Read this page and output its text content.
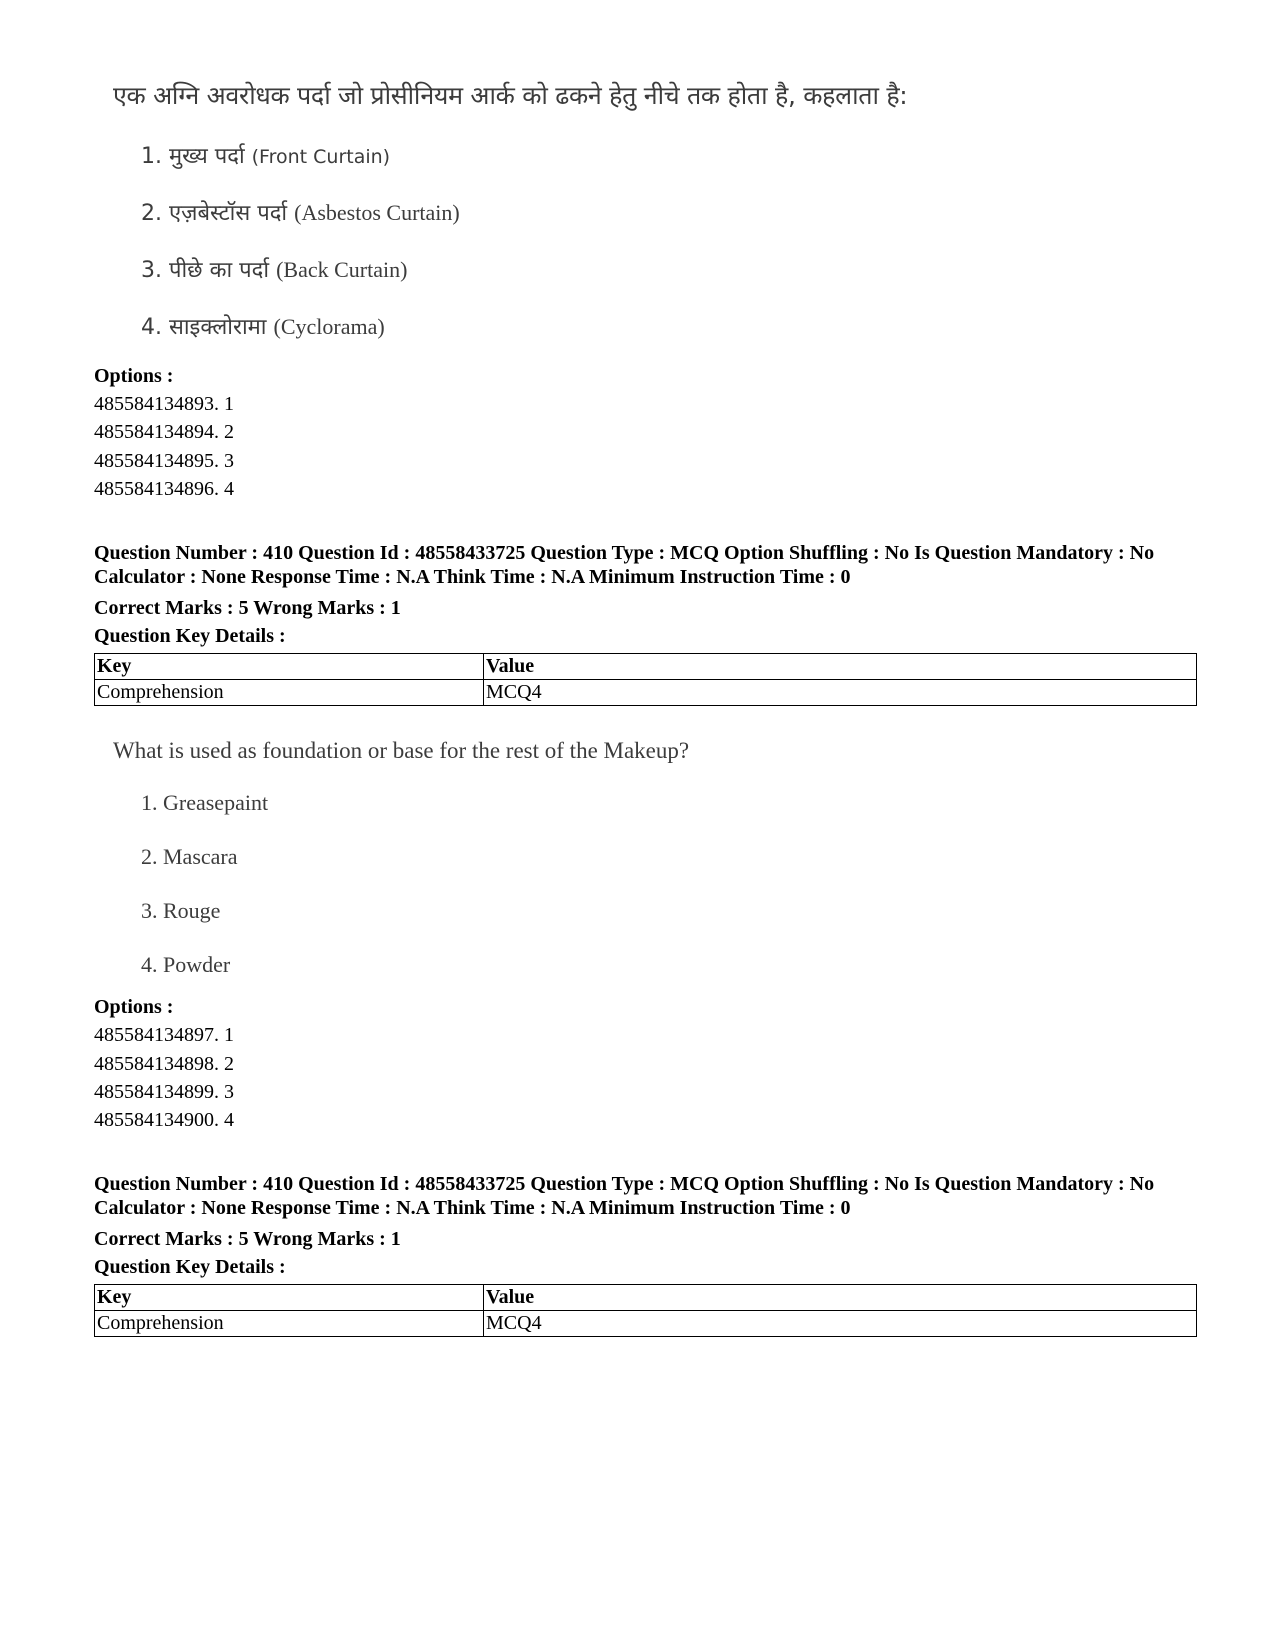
एक अग्नि अवरोधक पर्दा जो प्रोसीनियम आर्क को ढकने हेतु नीचे तक होता है, कहलाता है:
1. मुख्य पर्दा (Front Curtain)
2. एज़बेस्टॉस पर्दा (Asbestos Curtain)
3. पीछे का पर्दा (Back Curtain)
4. साइक्लोरामा (Cyclorama)
Options :
485584134893. 1
485584134894. 2
485584134895. 3
485584134896. 4
Question Number : 410 Question Id : 48558433725 Question Type : MCQ Option Shuffling : No Is Question Mandatory : No Calculator : None Response Time : N.A Think Time : N.A Minimum Instruction Time : 0
Correct Marks : 5 Wrong Marks : 1
Question Key Details :
Key	Value
Comprehension	MCQ4
What is used as foundation or base for the rest of the Makeup?
1. Greasepaint
2. Mascara
3. Rouge
4. Powder
Options :
485584134897. 1
485584134898. 2
485584134899. 3
485584134900. 4
Question Number : 410 Question Id : 48558433725 Question Type : MCQ Option Shuffling : No Is Question Mandatory : No Calculator : None Response Time : N.A Think Time : N.A Minimum Instruction Time : 0
Correct Marks : 5 Wrong Marks : 1
Question Key Details :
Key	Value
Comprehension	MCQ4
